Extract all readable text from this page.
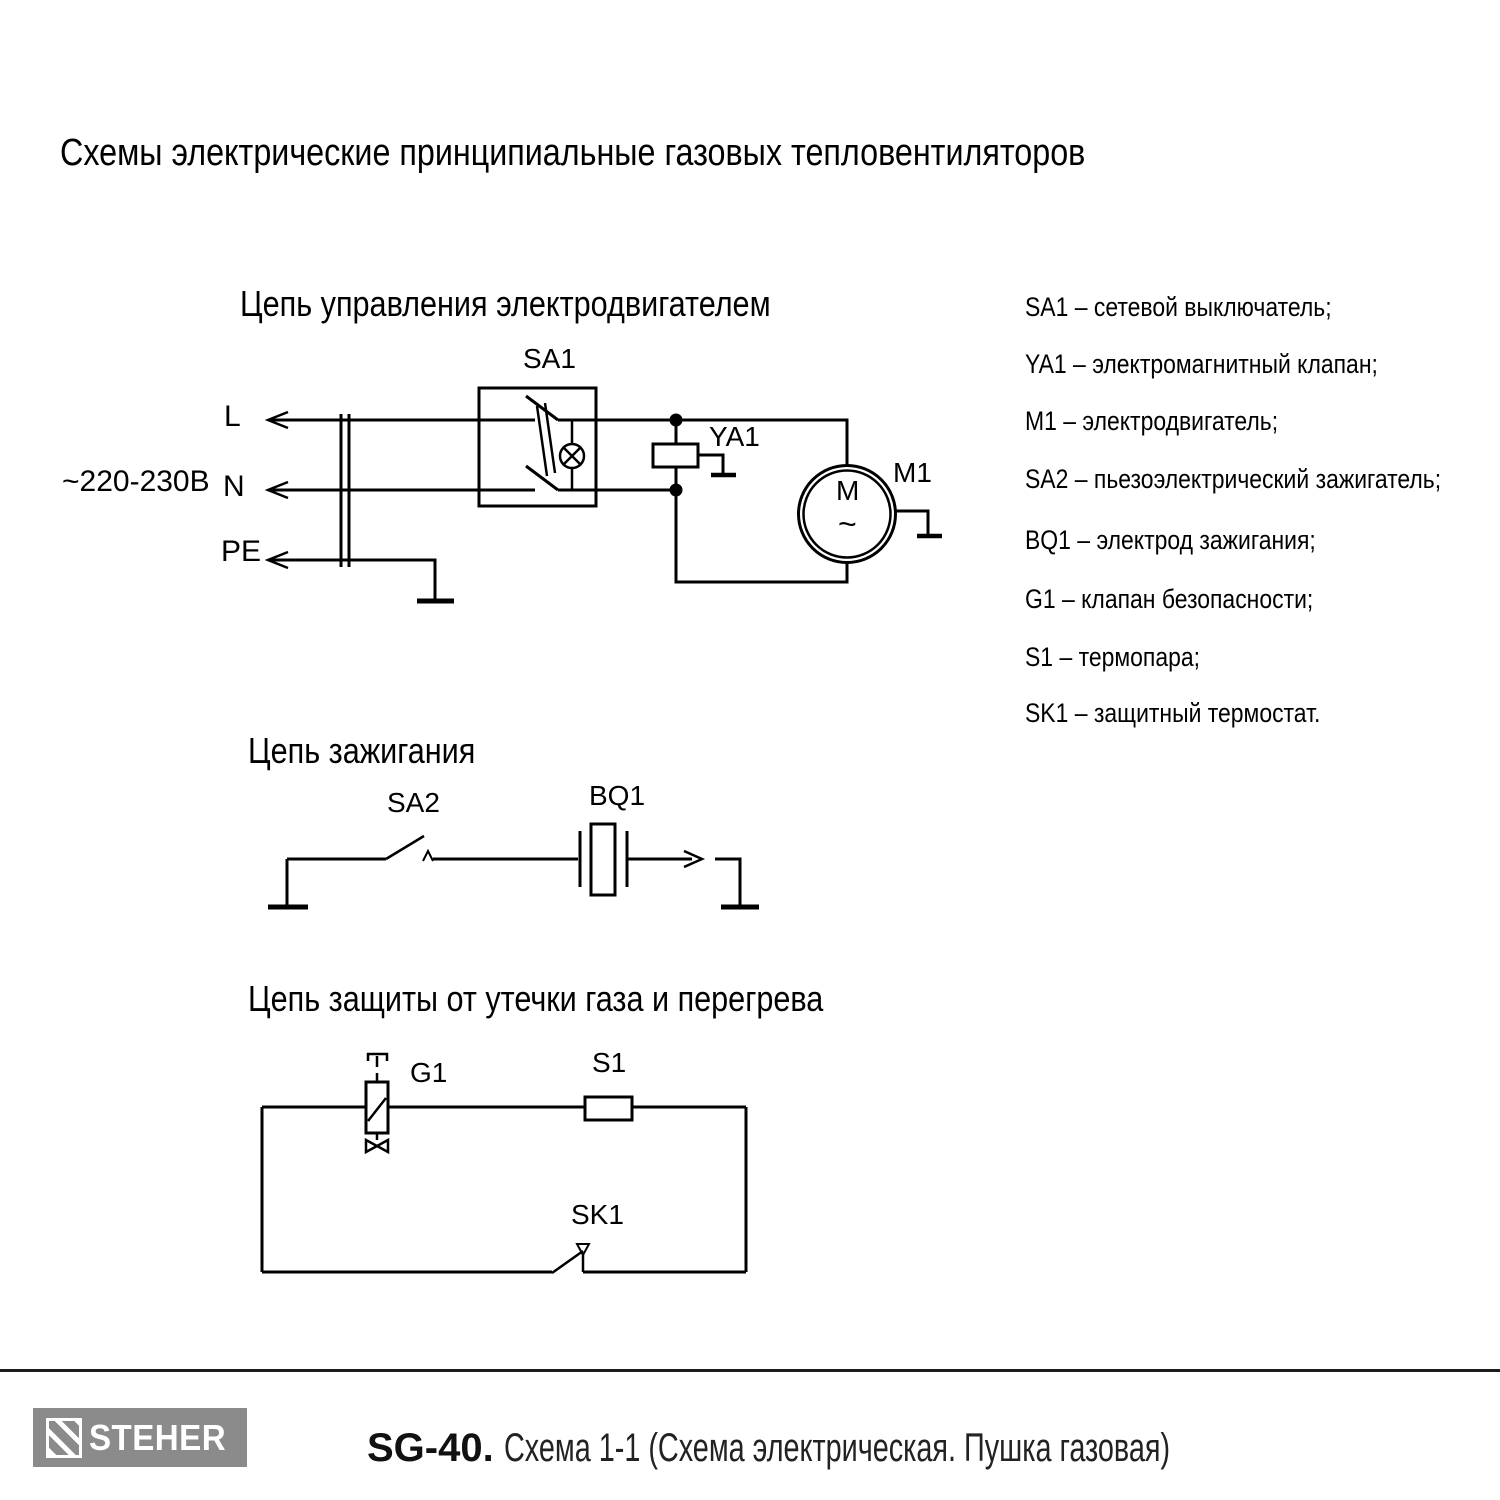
Схемы электрические принципиальные газовых тепловентиляторов
Цепь управления электродвигателем
~220-230В
L
N
PE
SA1
YA1
M1
M
~
Цепь зажигания
SA2	BQ1
Цепь защиты от утечки газа и перегрева
G1	S1
SK1
SA1 – сетевой выключатель;
YA1 – электромагнитный клапан;
M1 – электродвигатель;
SA2 – пьезоэлектрический зажигатель;
BQ1 – электрод зажигания;
G1 – клапан безопасности;
S1 – термопара;
SK1 – защитный термостат.
STEHER	SG-40. Схема 1-1 (Схема электрическая. Пушка газовая)
